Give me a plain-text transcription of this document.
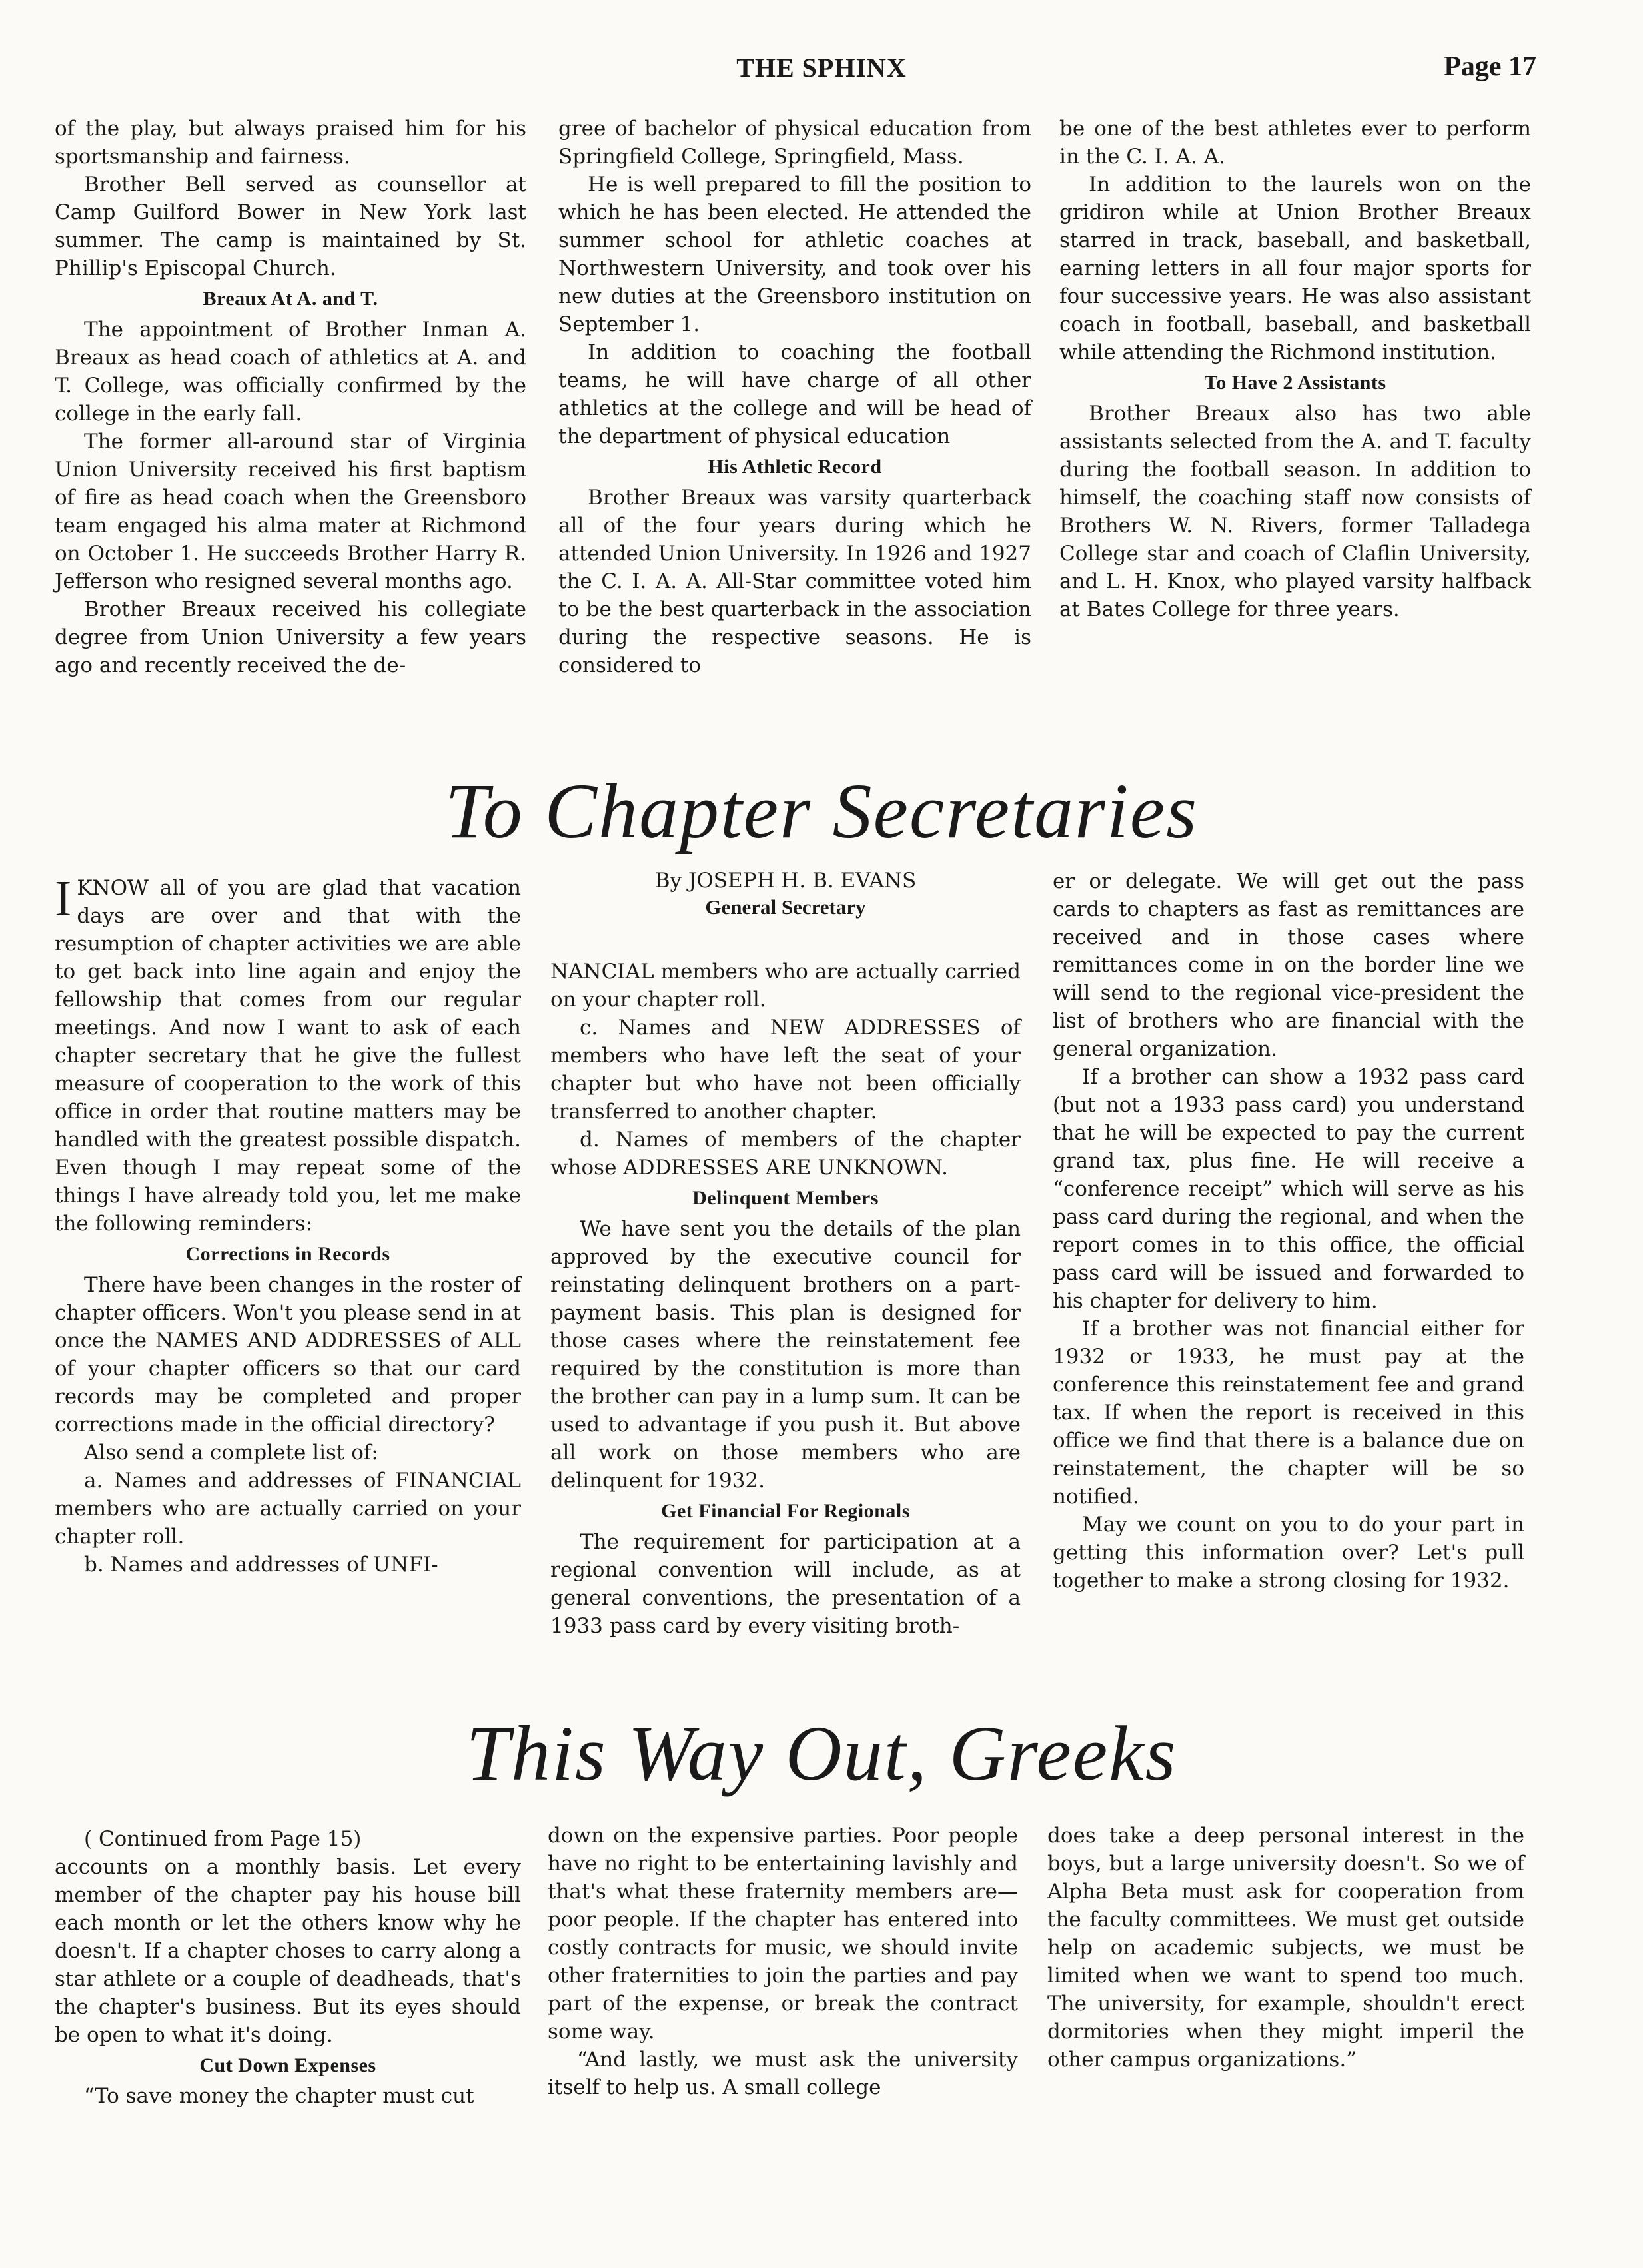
THE SPHINX	Page 17

of the play, but always praised him for his sportsmanship and fairness.

Brother Bell served as counsellor at Camp Guilford Bower in New York last summer. The camp is maintained by St. Phillip's Episcopal Church.

Breaux At A. and T.

The appointment of Brother Inman A. Breaux as head coach of athletics at A. and T. College, was officially confirmed by the college in the early fall.

The former all-around star of Virginia Union University received his first baptism of fire as head coach when the Greensboro team engaged his alma mater at Richmond on October 1. He succeeds Brother Harry R. Jefferson who resigned several months ago.

Brother Breaux received his collegiate degree from Union University a few years ago and recently received the de-

gree of bachelor of physical education from Springfield College, Springfield, Mass.

He is well prepared to fill the position to which he has been elected. He attended the summer school for athletic coaches at Northwestern University, and took over his new duties at the Greensboro institution on September 1.

In addition to coaching the football teams, he will have charge of all other athletics at the college and will be head of the department of physical education

His Athletic Record

Brother Breaux was varsity quarterback all of the four years during which he attended Union University. In 1926 and 1927 the C. I. A. A. All-Star committee voted him to be the best quarterback in the association during the respective seasons. He is considered to

be one of the best athletes ever to perform in the C. I. A. A.

In addition to the laurels won on the gridiron while at Union Brother Breaux starred in track, baseball, and basketball, earning letters in all four major sports for four successive years. He was also assistant coach in football, baseball, and basketball while attending the Richmond institution.

To Have 2 Assistants

Brother Breaux also has two able assistants selected from the A. and T. faculty during the football season. In addition to himself, the coaching staff now consists of Brothers W. N. Rivers, former Talladega College star and coach of Claflin University, and L. H. Knox, who played varsity halfback at Bates College for three years.

To Chapter Secretaries
I KNOW all of you are glad that vacation days are over and that with the resumption of chapter activities we are able to get back into line again and enjoy the fellowship that comes from our regular meetings. And now I want to ask of each chapter secretary that he give the fullest measure of cooperation to the work of this office in order that routine matters may be handled with the greatest possible dispatch. Even though I may repeat some of the things I have already told you, let me make the following reminders:

Corrections in Records

There have been changes in the roster of chapter officers. Won't you please send in at once the NAMES AND ADDRESSES of ALL of your chapter officers so that our card records may be completed and proper corrections made in the official directory?

Also send a complete list of:

a. Names and addresses of FINANCIAL members who are actually carried on your chapter roll.

b. Names and addresses of UNFI-

By JOSEPH H. B. EVANS
General Secretary

NANCIAL members who are actually carried on your chapter roll.

c. Names and NEW ADDRESSES of members who have left the seat of your chapter but who have not been officially transferred to another chapter.

d. Names of members of the chapter whose ADDRESSES ARE UNKNOWN.

Delinquent Members

We have sent you the details of the plan approved by the executive council for reinstating delinquent brothers on a part-payment basis. This plan is designed for those cases where the reinstatement fee required by the constitution is more than the brother can pay in a lump sum. It can be used to advantage if you push it. But above all work on those members who are delinquent for 1932.

Get Financial For Regionals

The requirement for participation at a regional convention will include, as at general conventions, the presentation of a 1933 pass card by every visiting broth-

er or delegate. We will get out the pass cards to chapters as fast as remittances are received and in those cases where remittances come in on the border line we will send to the regional vice-president the list of brothers who are financial with the general organization.

If a brother can show a 1932 pass card (but not a 1933 pass card) you understand that he will be expected to pay the current grand tax, plus fine. He will receive a “conference receipt” which will serve as his pass card during the regional, and when the report comes in to this office, the official pass card will be issued and forwarded to his chapter for delivery to him.

If a brother was not financial either for 1932 or 1933, he must pay at the conference this reinstatement fee and grand tax. If when the report is received in this office we find that there is a balance due on reinstatement, the chapter will be so notified.

May we count on you to do your part in getting this information over? Let's pull together to make a strong closing for 1932.

This Way Out, Greeks

( Continued from Page 15)

accounts on a monthly basis. Let every member of the chapter pay his house bill each month or let the others know why he doesn't. If a chapter choses to carry along a star athlete or a couple of deadheads, that's the chapter's business. But its eyes should be open to what it's doing.

Cut Down Expenses

“To save money the chapter must cut

down on the expensive parties. Poor people have no right to be entertaining lavishly and that's what these fraternity members are—poor people. If the chapter has entered into costly contracts for music, we should invite other fraternities to join the parties and pay part of the expense, or break the contract some way.

“And lastly, we must ask the university itself to help us. A small college

does take a deep personal interest in the boys, but a large university doesn't. So we of Alpha Beta must ask for cooperation from the faculty committees. We must get outside help on academic subjects, we must be limited when we want to spend too much. The university, for example, shouldn't erect dormitories when they might imperil the other campus organizations.”
